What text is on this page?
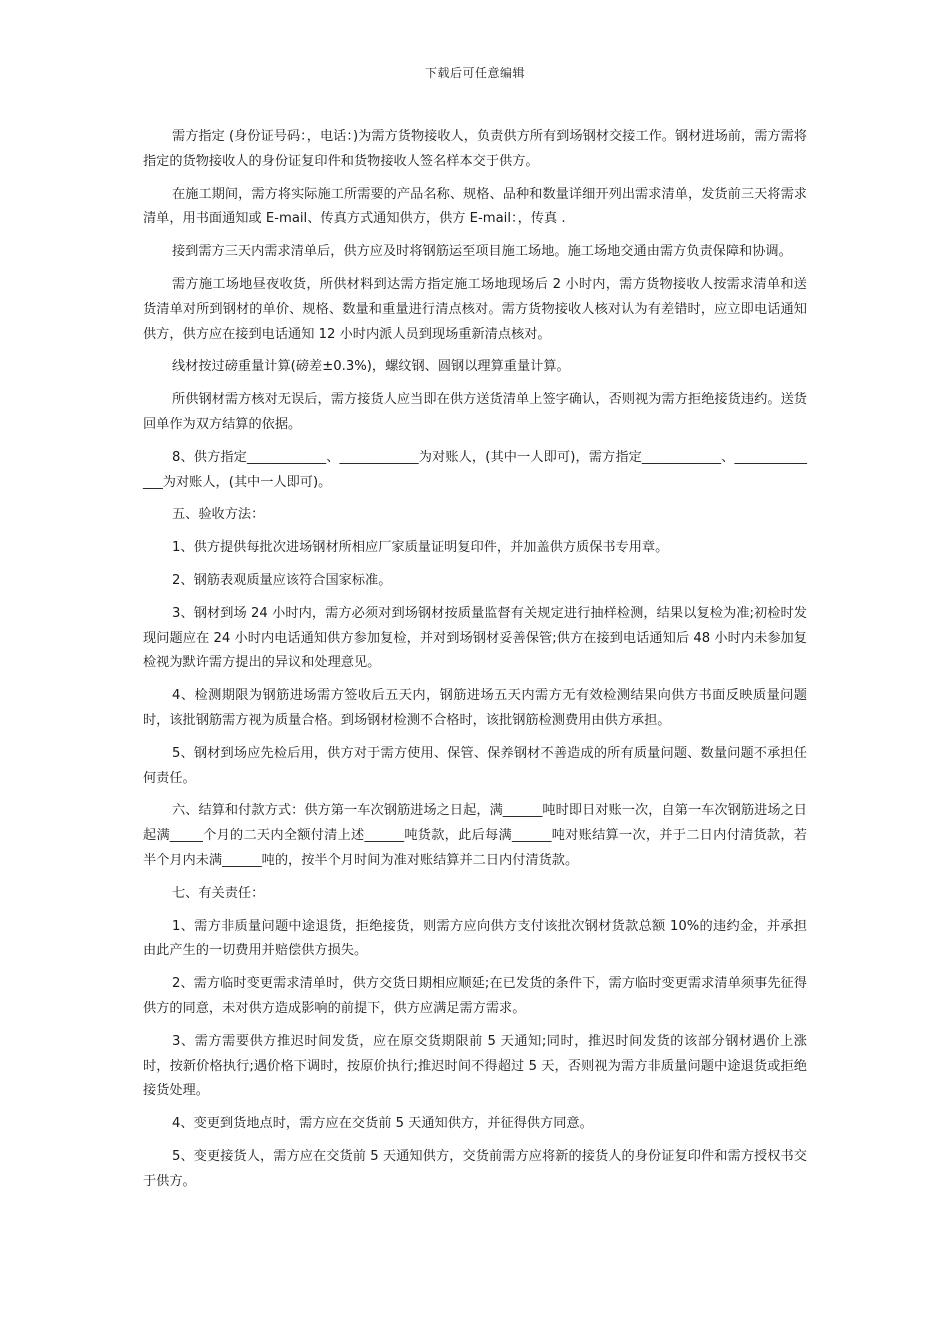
下载后可任意编辑

需方指定 (身份证号码：，电话：)为需方货物接收人，负责供方所有到场钢材交接工作。钢材进场前，需方需将指定的货物接收人的身份证复印件和货物接收人签名样本交于供方。

在施工期间，需方将实际施工所需要的产品名称、规格、品种和数量详细开列出需求清单，发货前三天将需求清单，用书面通知或 E-mail、传真方式通知供方，供方 E-mail：，传真 .

接到需方三天内需求清单后，供方应及时将钢筋运至项目施工场地。施工场地交通由需方负责保障和协调。

需方施工场地昼夜收货，所供材料到达需方指定施工场地现场后 2 小时内，需方货物接收人按需求清单和送货清单对所到钢材的单价、规格、数量和重量进行清点核对。需方货物接收人核对认为有差错时，应立即电话通知供方，供方应在接到电话通知 12 小时内派人员到现场重新清点核对。

线材按过磅重量计算(磅差±0.3%)，螺纹钢、圆钢以理算重量计算。

所供钢材需方核对无误后，需方接货人应当即在供方送货清单上签字确认，否则视为需方拒绝接货违约。送货回单作为双方结算的依据。

8、供方指定____________、____________为对账人，(其中一人即可)，需方指定____________、______________为对账人，(其中一人即可)。

五、验收方法：

1、供方提供每批次进场钢材所相应厂家质量证明复印件，并加盖供方质保书专用章。

2、钢筋表观质量应该符合国家标准。

3、钢材到场 24 小时内，需方必须对到场钢材按质量监督有关规定进行抽样检测，结果以复检为准;初检时发现问题应在 24 小时内电话通知供方参加复检，并对到场钢材妥善保管;供方在接到电话通知后 48 小时内未参加复检视为默许需方提出的异议和处理意见。

4、检测期限为钢筋进场需方签收后五天内，钢筋进场五天内需方无有效检测结果向供方书面反映质量问题时，该批钢筋需方视为质量合格。到场钢材检测不合格时，该批钢筋检测费用由供方承担。

5、钢材到场应先检后用，供方对于需方使用、保管、保养钢材不善造成的所有质量问题、数量问题不承担任何责任。

六、结算和付款方式：供方第一车次钢筋进场之日起，满______吨时即日对账一次，自第一车次钢筋进场之日起满_____个月的二天内全额付清上述______吨货款，此后每满______吨对账结算一次，并于二日内付清货款，若半个月内未满______吨的，按半个月时间为准对账结算并二日内付清货款。

七、有关责任：

1、需方非质量问题中途退货，拒绝接货，则需方应向供方支付该批次钢材货款总额 10%的违约金，并承担由此产生的一切费用并赔偿供方损失。

2、需方临时变更需求清单时，供方交货日期相应顺延;在已发货的条件下，需方临时变更需求清单须事先征得供方的同意，未对供方造成影响的前提下，供方应满足需方需求。

3、需方需要供方推迟时间发货，应在原交货期限前 5 天通知;同时，推迟时间发货的该部分钢材遇价上涨时，按新价格执行;遇价格下调时，按原价执行;推迟时间不得超过 5 天，否则视为需方非质量问题中途退货或拒绝接货处理。

4、变更到货地点时，需方应在交货前 5 天通知供方，并征得供方同意。

5、变更接货人，需方应在交货前 5 天通知供方，交货前需方应将新的接货人的身份证复印件和需方授权书交于供方。
